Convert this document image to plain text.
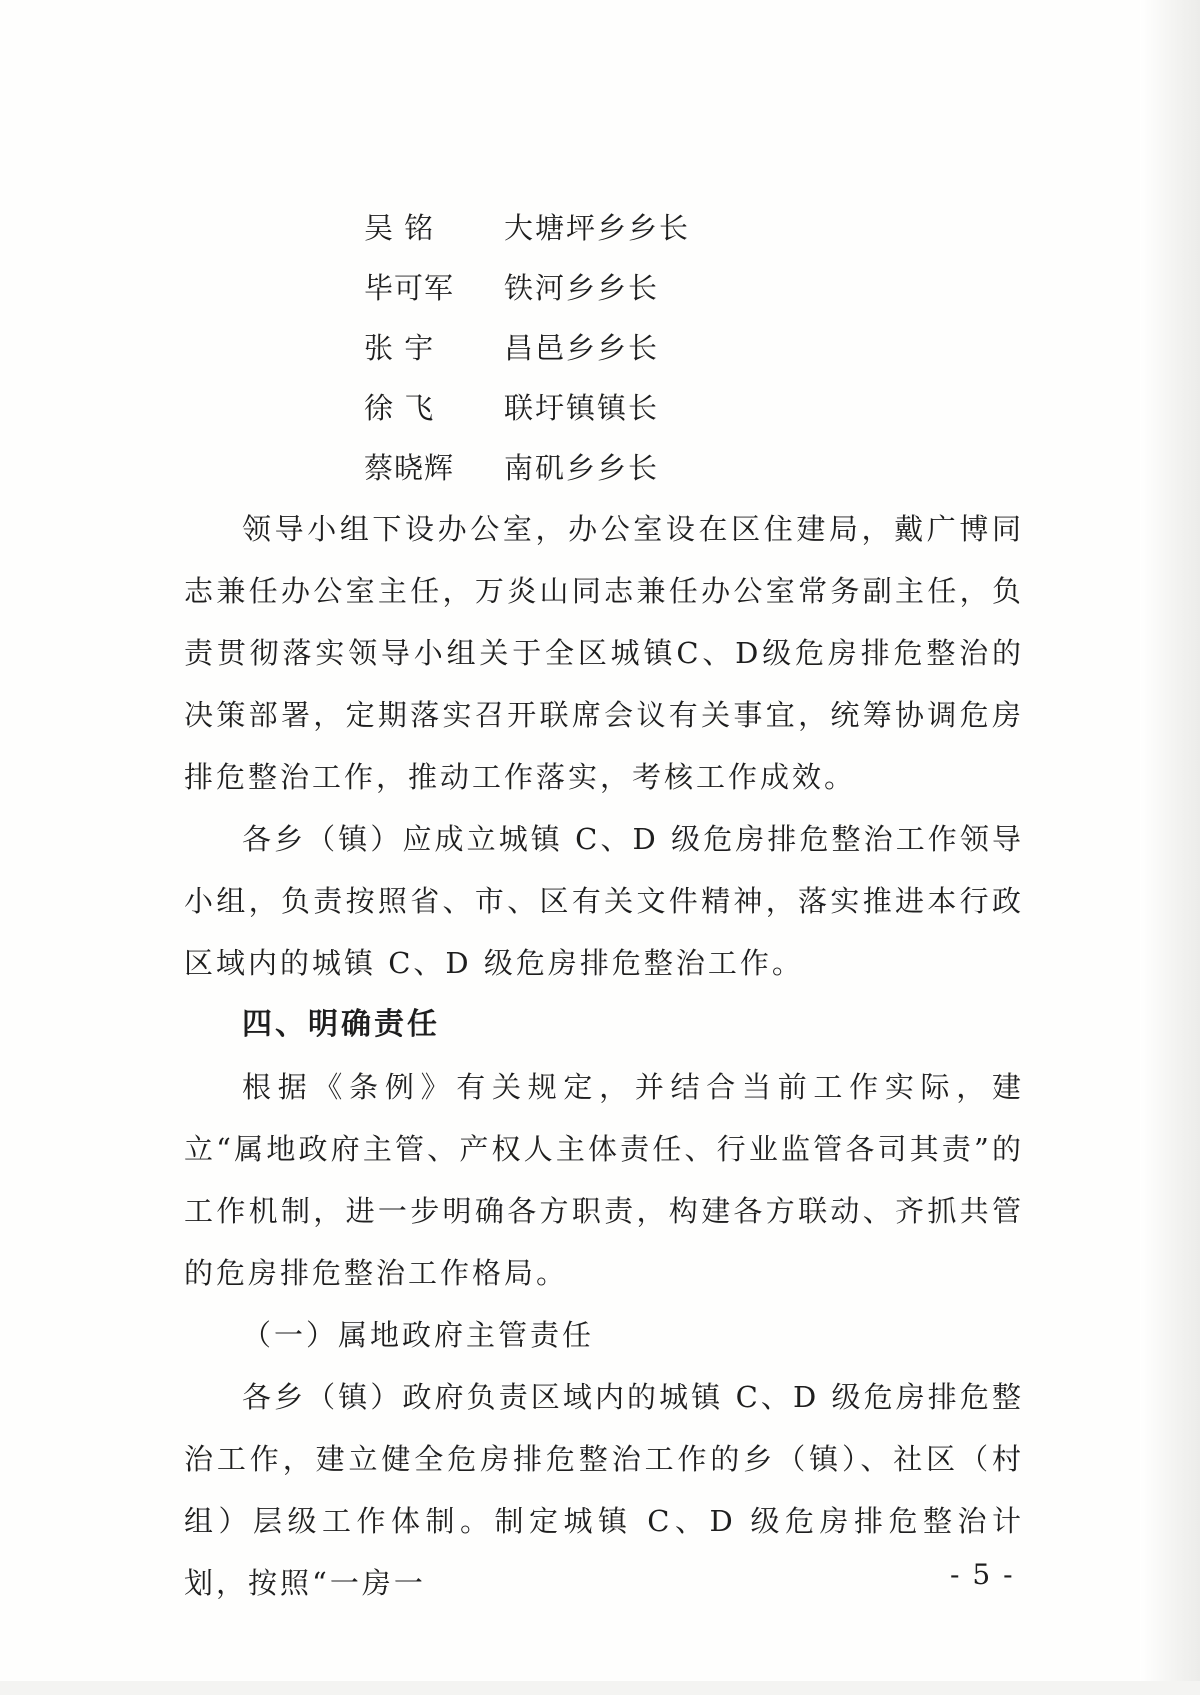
吴 铭 大塘坪乡乡长
毕可军 铁河乡乡长
张 宇 昌邑乡乡长
徐 飞 联圩镇镇长
蔡晓辉 南矶乡乡长

领导小组下设办公室，办公室设在区住建局，戴广博同志兼任办公室主任，万炎山同志兼任办公室常务副主任，负责贯彻落实领导小组关于全区城镇C、D级危房排危整治的决策部署，定期落实召开联席会议有关事宜，统筹协调危房排危整治工作，推动工作落实，考核工作成效。

各乡（镇）应成立城镇 C、D 级危房排危整治工作领导小组，负责按照省、市、区有关文件精神，落实推进本行政区域内的城镇 C、D 级危房排危整治工作。

四、明确责任

根据《条例》有关规定，并结合当前工作实际，建立“属地政府主管、产权人主体责任、行业监管各司其责”的工作机制，进一步明确各方职责，构建各方联动、齐抓共管的危房排危整治工作格局。

（一）属地政府主管责任

各乡（镇）政府负责区域内的城镇 C、D 级危房排危整治工作，建立健全危房排危整治工作的乡（镇）、社区（村组）层级工作体制。制定城镇 C、D 级危房排危整治计划，按照“一房一	- 5 -
